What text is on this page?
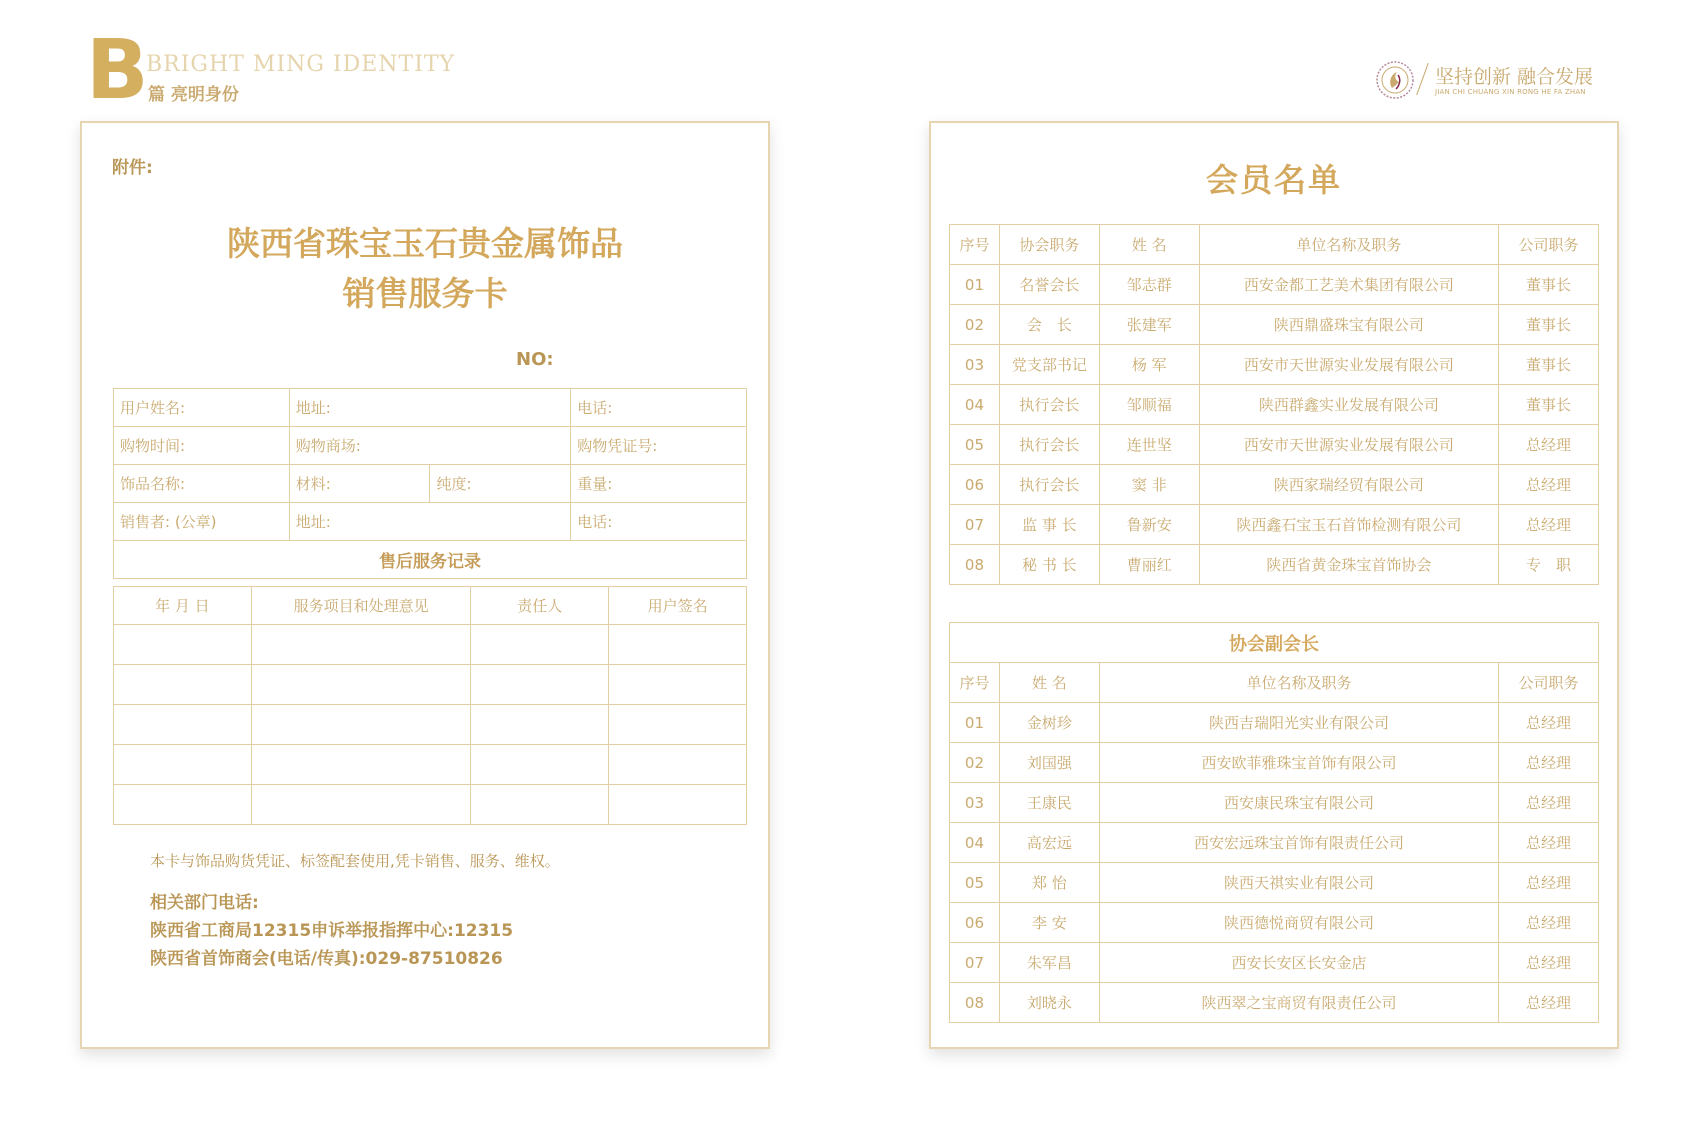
B
BRIGHT MING IDENTITY
篇 亮明身份
坚持创新 融合发展
JIAN CHI CHUANG XIN RONG HE FA ZHAN
附件:
陕西省珠宝玉石贵金属饰品
销售服务卡
NO:
用户姓名:	地址:		电话:
购物时间:	购物商场:		购物凭证号:
饰品名称:	材料:	纯度:	重量:
销售者: (公章)	地址:		电话:
售后服务记录			
年 月 日	服务项目和处理意见	责任人	用户签名

本卡与饰品购货凭证、标签配套使用,凭卡销售、服务、维权。
相关部门电话:
陕西省工商局12315申诉举报指挥中心:12315
陕西省首饰商会(电话/传真):029-87510826
会员名单
序号	协会职务	姓 名	单位名称及职务	公司职务
01	名誉会长	邹志群	西安金都工艺美术集团有限公司	董事长
02	会　长	张建军	陕西鼎盛珠宝有限公司	董事长
03	党支部书记	杨 军	西安市天世源实业发展有限公司	董事长
04	执行会长	邹顺福	陕西群鑫实业发展有限公司	董事长
05	执行会长	连世坚	西安市天世源实业发展有限公司	总经理
06	执行会长	窦 非	陕西家瑞经贸有限公司	总经理
07	监 事 长	鲁新安	陕西鑫石宝玉石首饰检测有限公司	总经理
08	秘 书 长	曹丽红	陕西省黄金珠宝首饰协会	专　职
协会副会长			
序号	姓 名	单位名称及职务	公司职务
01	金树珍	陕西吉瑞阳光实业有限公司	总经理
02	刘国强	西安欧菲雅珠宝首饰有限公司	总经理
03	王康民	西安康民珠宝有限公司	总经理
04	高宏远	西安宏远珠宝首饰有限责任公司	总经理
05	郑 怡	陕西天祺实业有限公司	总经理
06	李 安	陕西德悦商贸有限公司	总经理
07	朱军昌	西安长安区长安金店	总经理
08	刘晓永	陕西翠之宝商贸有限责任公司	总经理
